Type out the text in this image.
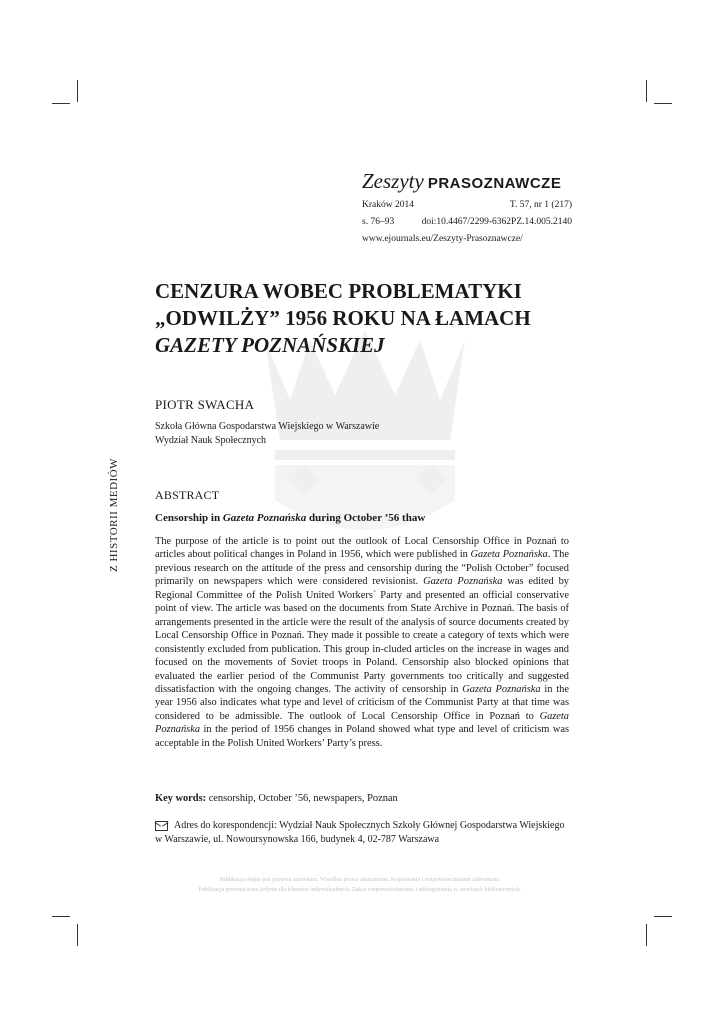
Zeszyty PRASOZNAWCZE
Kraków 2014	T. 57, nr 1 (217)
s. 76–93	doi:10.4467/2299-6362PZ.14.005.2140
www.ejournals.eu/Zeszyty-Prasoznawcze/
CENZURA WOBEC PROBLEMATYKI
„ODWILŻY” 1956 ROKU NA ŁAMACH
GAZETY POZNAŃSKIEJ
PIOTR SWACHA
Szkoła Główna Gospodarstwa Wiejskiego w Warszawie
Wydział Nauk Społecznych
Z HISTORII MEDIÓW	ABSTRACT
Censorship in Gazeta Poznańska during October ’56 thaw
The purpose of the article is to point out the outlook of Local Censorship Office in Poznań to articles about political changes in Poland in 1956, which were published in Gazeta Poznańska. The previous research on the attitude of the press and censorship during the “Polish October” focused primarily on newspapers which were considered revisionist. Gazeta Poznańska was edited by Regional Committee of the Polish United Workers` Party and presented an official conservative point of view. The article was based on the documents from State Archive in Poznań. The basis of arrangements presented in the article were the result of the analysis of source documents created by Local Censorship Office in Poznań. They made it possible to create a category of texts which were consistently excluded from publication. This group in-cluded articles on the increase in wages and focused on the movements of Soviet troops in Poland. Censorship also blocked opinions that evaluated the earlier period of the Communist Party governments too critically and suggested dissatisfaction with the ongoing changes. The activity of censorship in Gazeta Poznańska in the year 1956 also indicates what type and level of criticism of the Communist Party at that time was considered to be admissible. The outlook of Local Censorship Office in Poznań to Gazeta Poznańska in the period of 1956 changes in Poland showed what type and level of criticism was acceptable in the Polish United Workers’ Party’s press.
Key words: censorship, October ’56, newspapers, Poznan
Adres do korespondencji: Wydział Nauk Społecznych Szkoły Głównej Gospodarstwa Wiejskiego
w Warszawie, ul. Nowoursynowska 166, budynek 4, 02-787 Warszawa
Publikacja objęta jest prawem autorskim. Wszelkie prawa zastrzeżone. Kopiowanie i rozpowszechnianie zabronione.
Publikacja przeznaczona jedynie dla klientów indywidualnych. Zakaz rozpowszechniania i udostępniania w serwisach bibliotecznych.
